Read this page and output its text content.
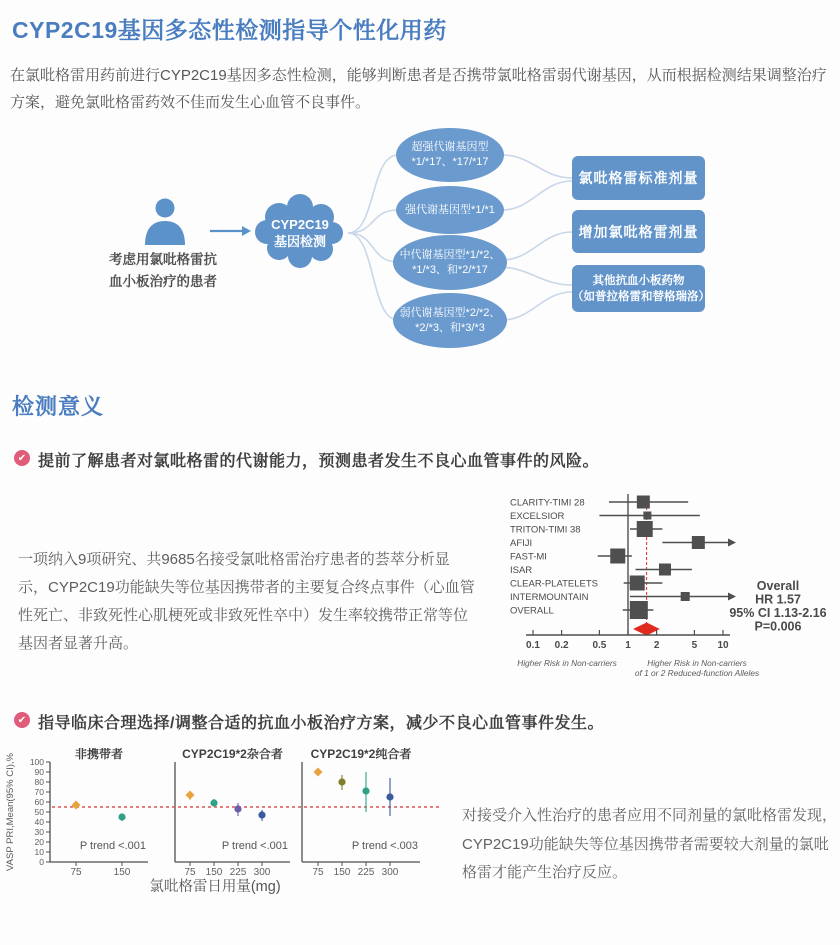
CYP2C19基因多态性检测指导个性化用药
在氯吡格雷用药前进行CYP2C19基因多态性检测，能够判断患者是否携带氯吡格雷弱代谢基因，从而根据检测结果调整治疗方案，避免氯吡格雷药效不佳而发生心血管不良事件。
考虑用氯吡格雷抗
血小板治疗的患者
CYP2C19
基因检测
超强代谢基因型
*1/*17、*17/*17
强代谢基因型*1/*1
中代谢基因型*1/*2、
*1/*3、和*2/*17
弱代谢基因型*2/*2、
*2/*3、和*3/*3
氯吡格雷标准剂量
增加氯吡格雷剂量
其他抗血小板药物
（如普拉格雷和替格瑞洛）
检测意义
✔ 提前了解患者对氯吡格雷的代谢能力，预测患者发生不良心血管事件的风险。
一项纳入9项研究、共9685名接受氯吡格雷治疗患者的荟萃分析显示，CYP2C19功能缺失等位基因携带者的主要复合终点事件（心血管性死亡、非致死性心肌梗死或非致死性卒中）发生率较携带正常等位基因者显著升高。
CLARITY-TIMI 28
EXCELSIOR
TRITON-TIMI 38
AFIJI
FAST-MI
ISAR
CLEAR-PLATELETS
INTERMOUNTAIN
OVERALL
0.1 0.2 0.5 1 2	5 10
Higher Risk in Non-carriers	Higher Risk in Non-carriers
of 1 or 2 Reduced-function Alleles
Overall
HR 1.57
95% CI 1.13-2.16
P=0.006
✔ 指导临床合理选择/调整合适的抗血小板治疗方案，减少不良心血管事件发生。
VASP PRI,Mean(95% CI),%	0
10
20
30
40
50
60
70
80
90
100
非携带者
P trend <.001
75	150
CYP2C19*2杂合者
P trend <.001
75 150 225 300
CYP2C19*2纯合者
P trend <.003
75 150 225 300
氯吡格雷日用量(mg)
对接受介入性治疗的患者应用不同剂量的氯吡格雷发现，CYP2C19功能缺失等位基因携带者需要较大剂量的氯吡格雷才能产生治疗反应。
